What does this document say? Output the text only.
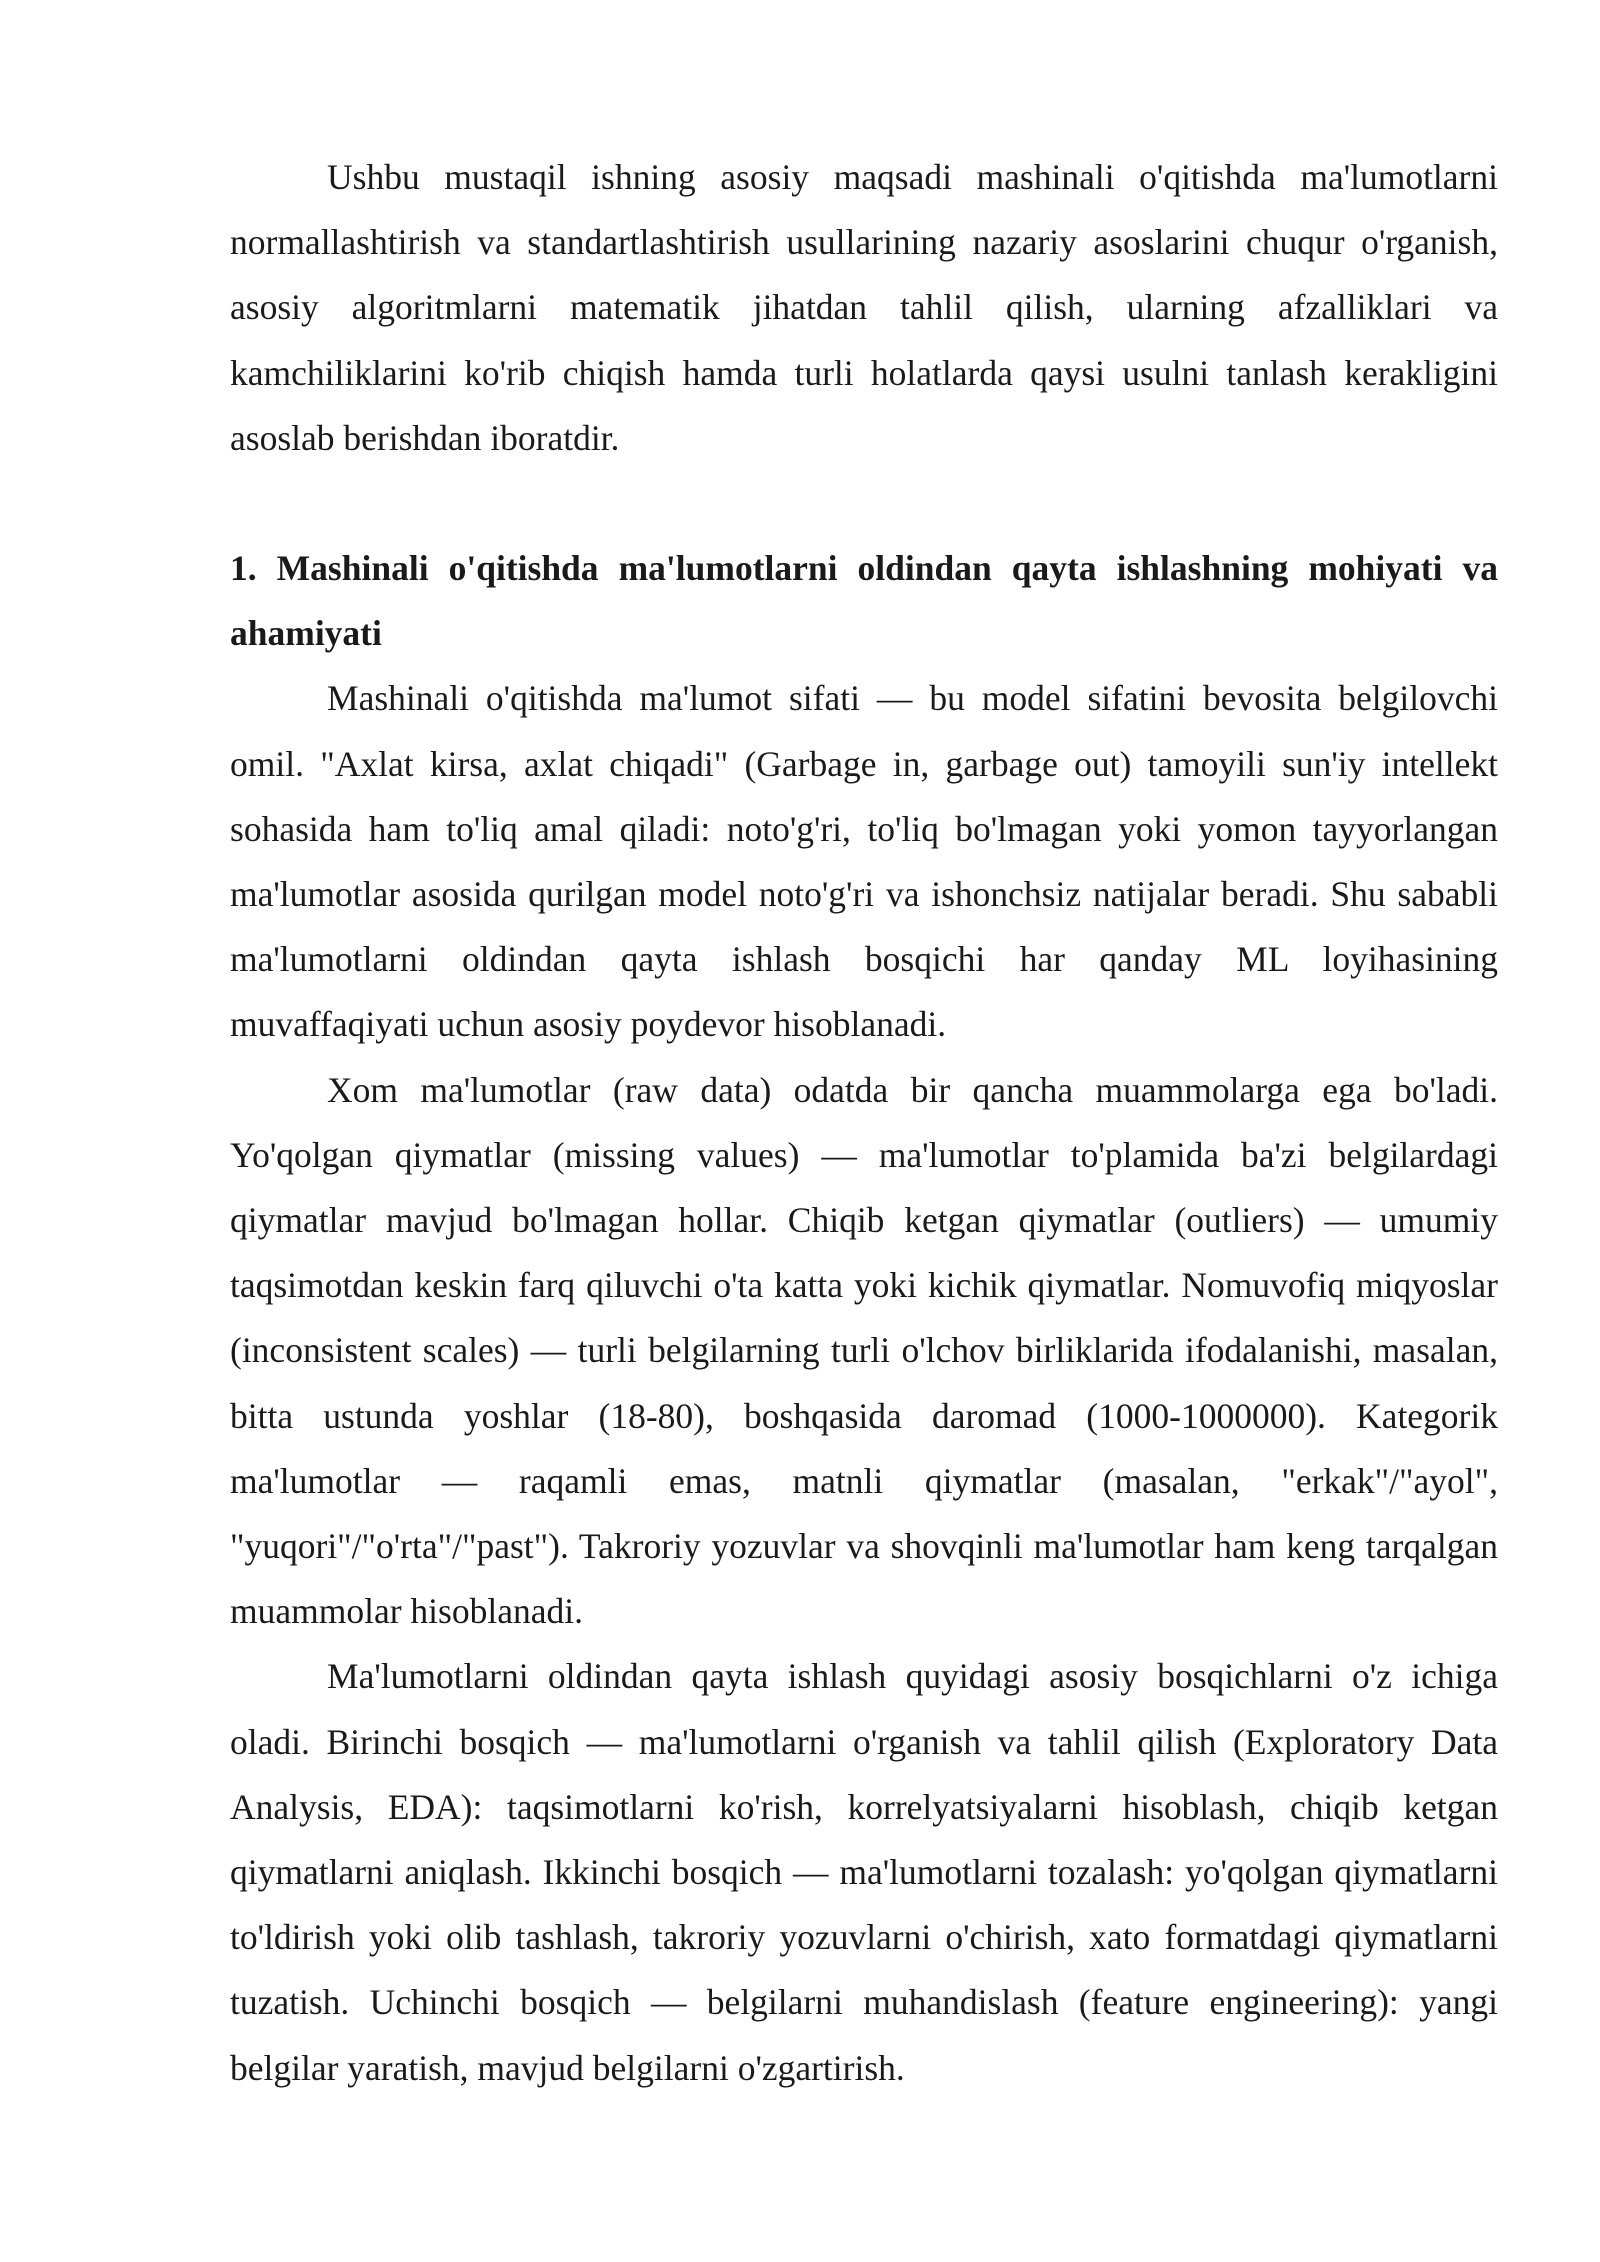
Ushbu mustaqil ishning asosiy maqsadi mashinali o'qitishda ma'lumotlarni normallashtirish va standartlashtirish usullarining nazariy asoslarini chuqur o'rganish, asosiy algoritmlarni matematik jihatdan tahlil qilish, ularning afzalliklari va kamchiliklarini ko'rib chiqish hamda turli holatlarda qaysi usulni tanlash kerakligini asoslab berishdan iboratdir.

1. Mashinali o'qitishda ma'lumotlarni oldindan qayta ishlashning mohiyati va ahamiyati

Mashinali o'qitishda ma'lumot sifati — bu model sifatini bevosita belgilovchi omil. "Axlat kirsa, axlat chiqadi" (Garbage in, garbage out) tamoyili sun'iy intellekt sohasida ham to'liq amal qiladi: noto'g'ri, to'liq bo'lmagan yoki yomon tayyorlangan ma'lumotlar asosida qurilgan model noto'g'ri va ishonchsiz natijalar beradi. Shu sababli ma'lumotlarni oldindan qayta ishlash bosqichi har qanday ML loyihasining muvaffaqiyati uchun asosiy poydevor hisoblanadi.

Xom ma'lumotlar (raw data) odatda bir qancha muammolarga ega bo'ladi. Yo'qolgan qiymatlar (missing values) — ma'lumotlar to'plamida ba'zi belgilardagi qiymatlar mavjud bo'lmagan hollar. Chiqib ketgan qiymatlar (outliers) — umumiy taqsimotdan keskin farq qiluvchi o'ta katta yoki kichik qiymatlar. Nomuvofiq miqyoslar (inconsistent scales) — turli belgilarning turli o'lchov birliklarida ifodalanishi, masalan, bitta ustunda yoshlar (18-80), boshqasida daromad (1000-1000000). Kategorik ma'lumotlar — raqamli emas, matnli qiymatlar (masalan, "erkak"/"ayol", "yuqori"/"o'rta"/"past"). Takroriy yozuvlar va shovqinli ma'lumotlar ham keng tarqalgan muammolar hisoblanadi.

Ma'lumotlarni oldindan qayta ishlash quyidagi asosiy bosqichlarni o'z ichiga oladi. Birinchi bosqich — ma'lumotlarni o'rganish va tahlil qilish (Exploratory Data Analysis, EDA): taqsimotlarni ko'rish, korrelyatsiyalarni hisoblash, chiqib ketgan qiymatlarni aniqlash. Ikkinchi bosqich — ma'lumotlarni tozalash: yo'qolgan qiymatlarni to'ldirish yoki olib tashlash, takroriy yozuvlarni o'chirish, xato formatdagi qiymatlarni tuzatish. Uchinchi bosqich — belgilarni muhandislash (feature engineering): yangi belgilar yaratish, mavjud belgilarni o'zgartirish.
